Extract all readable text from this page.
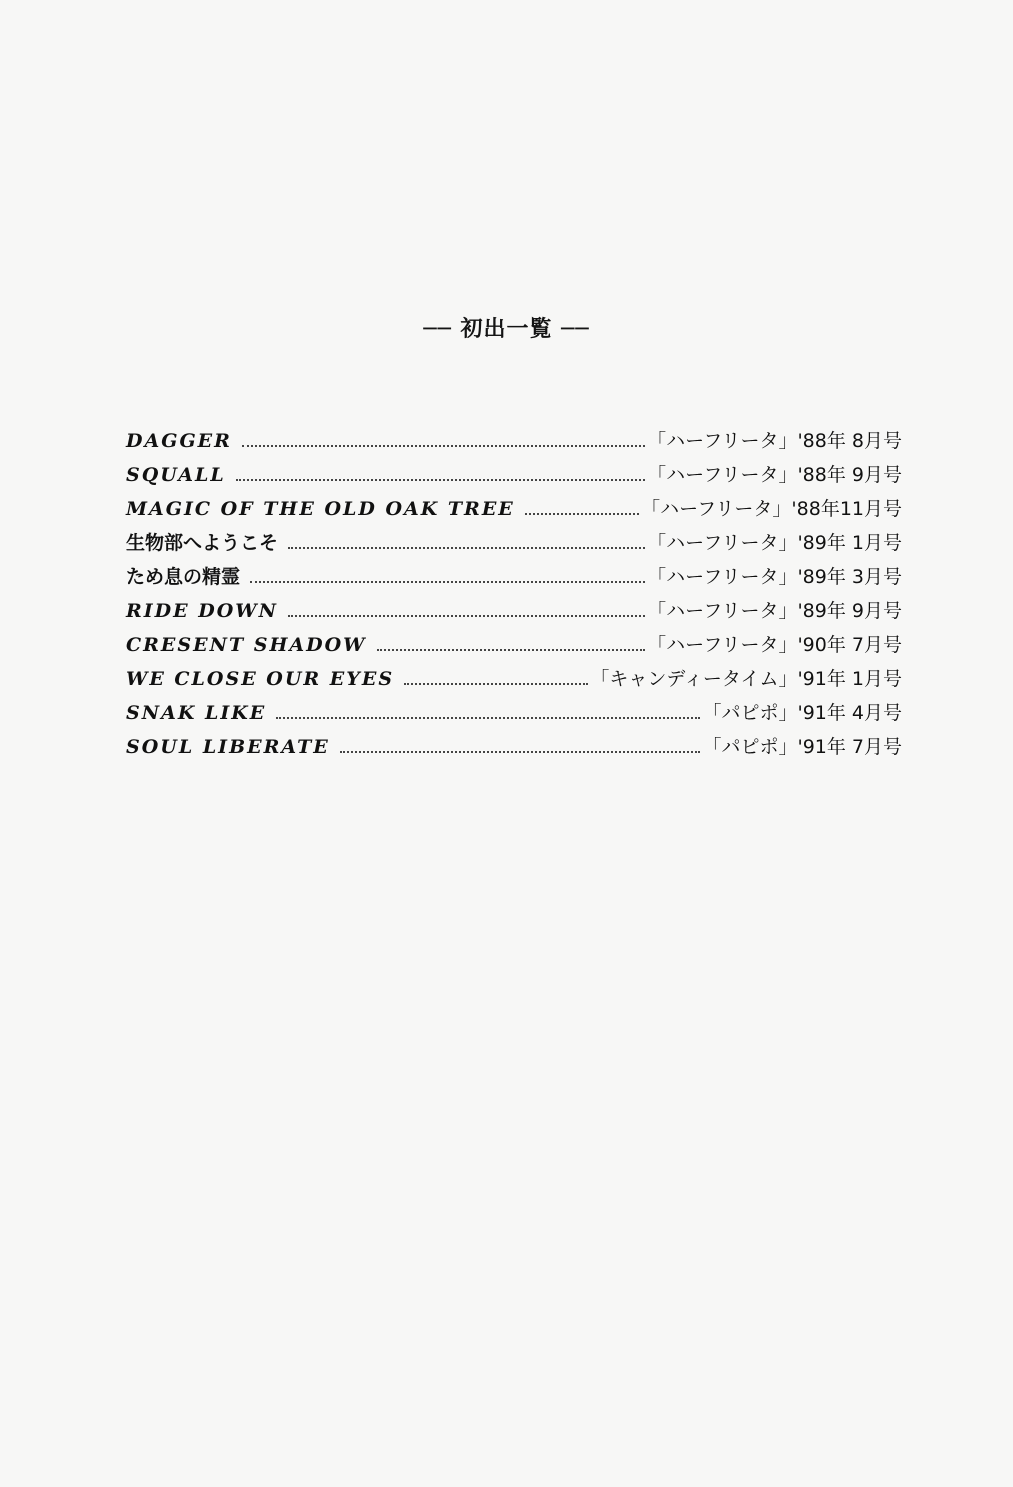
── 初出一覧 ──
DAGGER	「ハーフリータ」'88年 8月号
SQUALL	「ハーフリータ」'88年 9月号
MAGIC OF THE OLD OAK TREE	「ハーフリータ」'88年11月号
生物部へようこそ	「ハーフリータ」'89年 1月号
ため息の精霊	「ハーフリータ」'89年 3月号
RIDE DOWN	「ハーフリータ」'89年 9月号
CRESENT SHADOW	「ハーフリータ」'90年 7月号
WE CLOSE OUR EYES	「キャンディータイム」'91年 1月号
SNAK LIKE	「パピポ」'91年 4月号
SOUL LIBERATE	「パピポ」'91年 7月号
